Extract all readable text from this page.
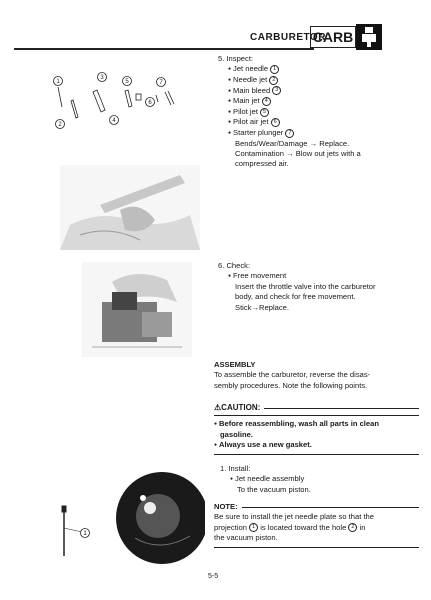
CARBURETOR
CARB
1
2
3
4
5
6
7
5. Inspect:
● Jet needle 1
● Needle jet 2
● Main bleed 3
● Main jet 4
● Pilot jet 5
● Pilot air jet 6
● Starter plunger 7
Bends/Wear/Damage → Replace.
Contamination → Blow out jets with a
compressed air.
6. Check:
● Free movement
Insert the throttle valve into the carburetor
body, and check for free movement.
Stick→Replace.
ASSEMBLY
To assemble the carburetor, reverse the disas-
sembly procedures. Note the following points.
⚠CAUTION:
● Before reassembling, wash all parts in clean
gasoline.
● Always use a new gasket.
1. Install:
● Jet needle assembly
To the vacuum piston.
NOTE:
Be sure to install the jet needle plate so that the
projection 1 is located toward the hole 2 in
the vacuum piston.
1
5-5
